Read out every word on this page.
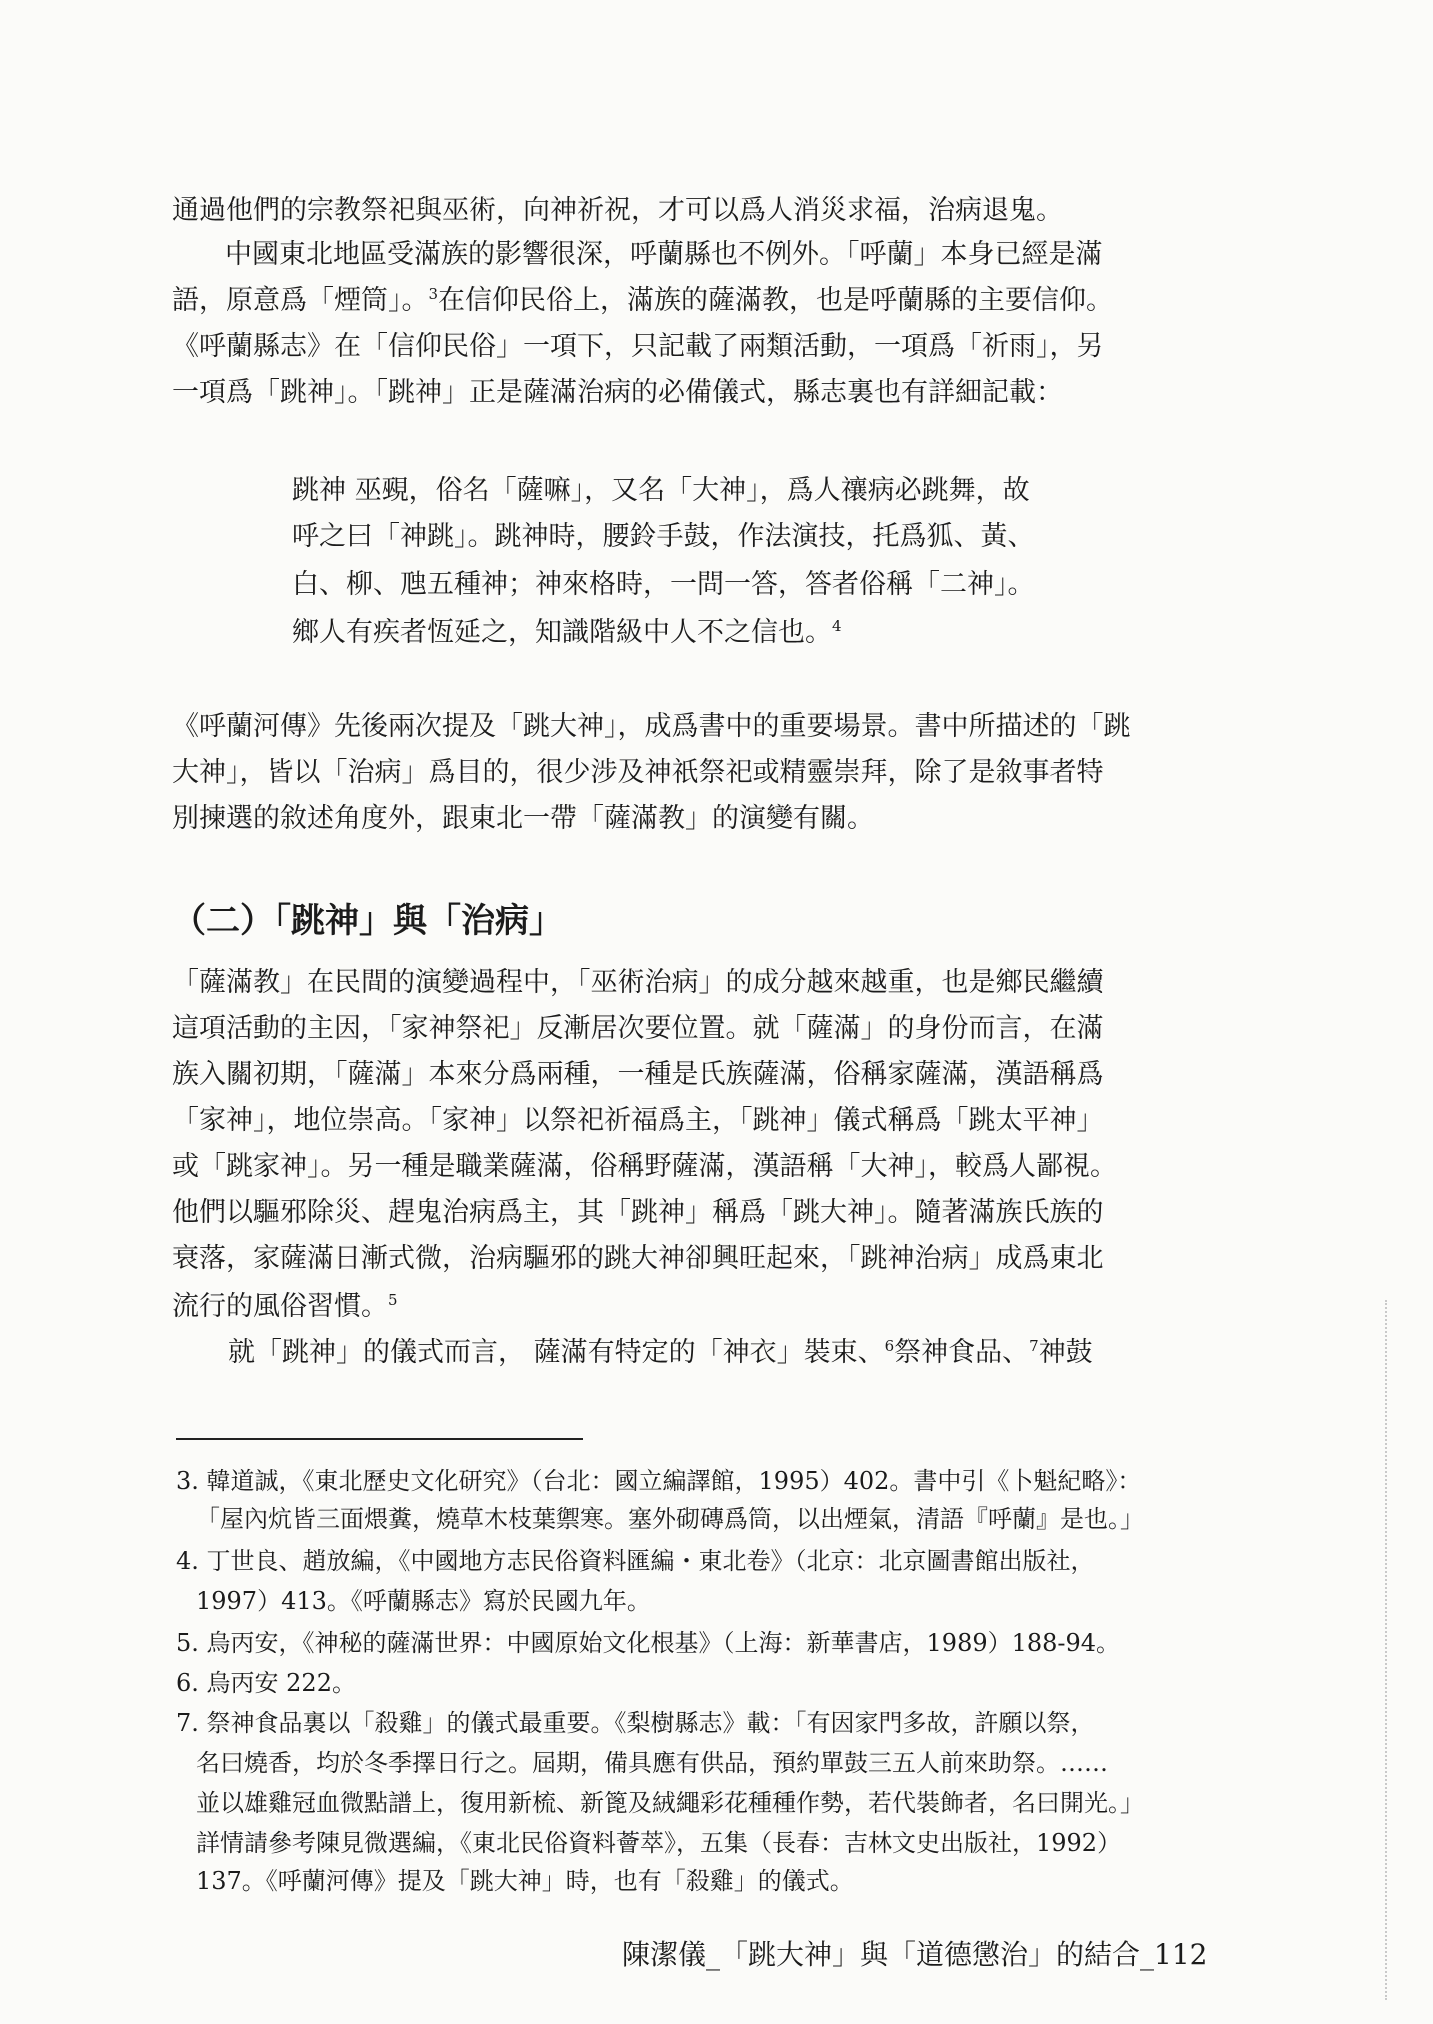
通過他們的宗教祭祀與巫術，向神祈祝，才可以爲人消災求福，治病退鬼。
中國東北地區受滿族的影響很深，呼蘭縣也不例外。「呼蘭」本身已經是滿
語，原意爲「煙筒」。$^3$在信仰民俗上，滿族的薩滿教，也是呼蘭縣的主要信仰。
《呼蘭縣志》在「信仰民俗」一項下，只記載了兩類活動，一項爲「祈雨」，另
一項爲「跳神」。「跳神」正是薩滿治病的必備儀式，縣志裏也有詳細記載：
跳神 巫覡，俗名「薩嘛」，又名「大神」，爲人禳病必跳舞，故
呼之曰「神跳」。跳神時，腰鈴手鼓，作法演技，托爲狐、黃、
白、柳、虺五種神；神來格時，一問一答，答者俗稱「二神」。
鄉人有疾者恆延之，知識階級中人不之信也。$^4$
《呼蘭河傳》先後兩次提及「跳大神」，成爲書中的重要場景。書中所描述的「跳
大神」，皆以「治病」爲目的，很少涉及神祇祭祀或精靈崇拜，除了是敘事者特
別揀選的敘述角度外，跟東北一帶「薩滿教」的演變有關。
（二）「跳神」與「治病」
「薩滿教」在民間的演變過程中，「巫術治病」的成分越來越重，也是鄉民繼續
這項活動的主因，「家神祭祀」反漸居次要位置。就「薩滿」的身份而言，在滿
族入關初期，「薩滿」本來分爲兩種，一種是氏族薩滿，俗稱家薩滿，漢語稱爲
「家神」，地位崇高。「家神」以祭祀祈福爲主，「跳神」儀式稱爲「跳太平神」
或「跳家神」。另一種是職業薩滿，俗稱野薩滿，漢語稱「大神」，較爲人鄙視。
他們以驅邪除災、趕鬼治病爲主，其「跳神」稱爲「跳大神」。隨著滿族氏族的
衰落，家薩滿日漸式微，治病驅邪的跳大神卻興旺起來，「跳神治病」成爲東北
流行的風俗習慣。$^5$
就「跳神」的儀式而言， 薩滿有特定的「神衣」裝束、$^6$祭神食品、$^7$神鼓
3. 韓道誠，《東北歷史文化研究》（台北：國立編譯館，1995）402。書中引《卜魁紀略》：
「屋內炕皆三面煨糞，燒草木枝葉禦寒。塞外砌磚爲筒，以出煙氣，清語『呼蘭』是也。」
4. 丁世良、趙放編，《中國地方志民俗資料匯編・東北卷》（北京：北京圖書館出版社，
1997）413。《呼蘭縣志》寫於民國九年。
5. 烏丙安，《神秘的薩滿世界：中國原始文化根基》（上海：新華書店，1989）188-94。
6. 烏丙安 222。
7. 祭神食品裏以「殺雞」的儀式最重要。《梨樹縣志》載：「有因家門多故，許願以祭，
名曰燒香，均於冬季擇日行之。屆期，備具應有供品，預約單鼓三五人前來助祭。……
並以雄雞冠血微點譜上，復用新梳、新篦及絨繩彩花種種作勢，若代裝飾者，名曰開光。」
詳情請參考陳見微選編，《東北民俗資料薈萃》，五集（長春：吉林文史出版社，1992）
137。《呼蘭河傳》提及「跳大神」時，也有「殺雞」的儀式。
陳潔儀_「跳大神」與「道德懲治」的結合_112
